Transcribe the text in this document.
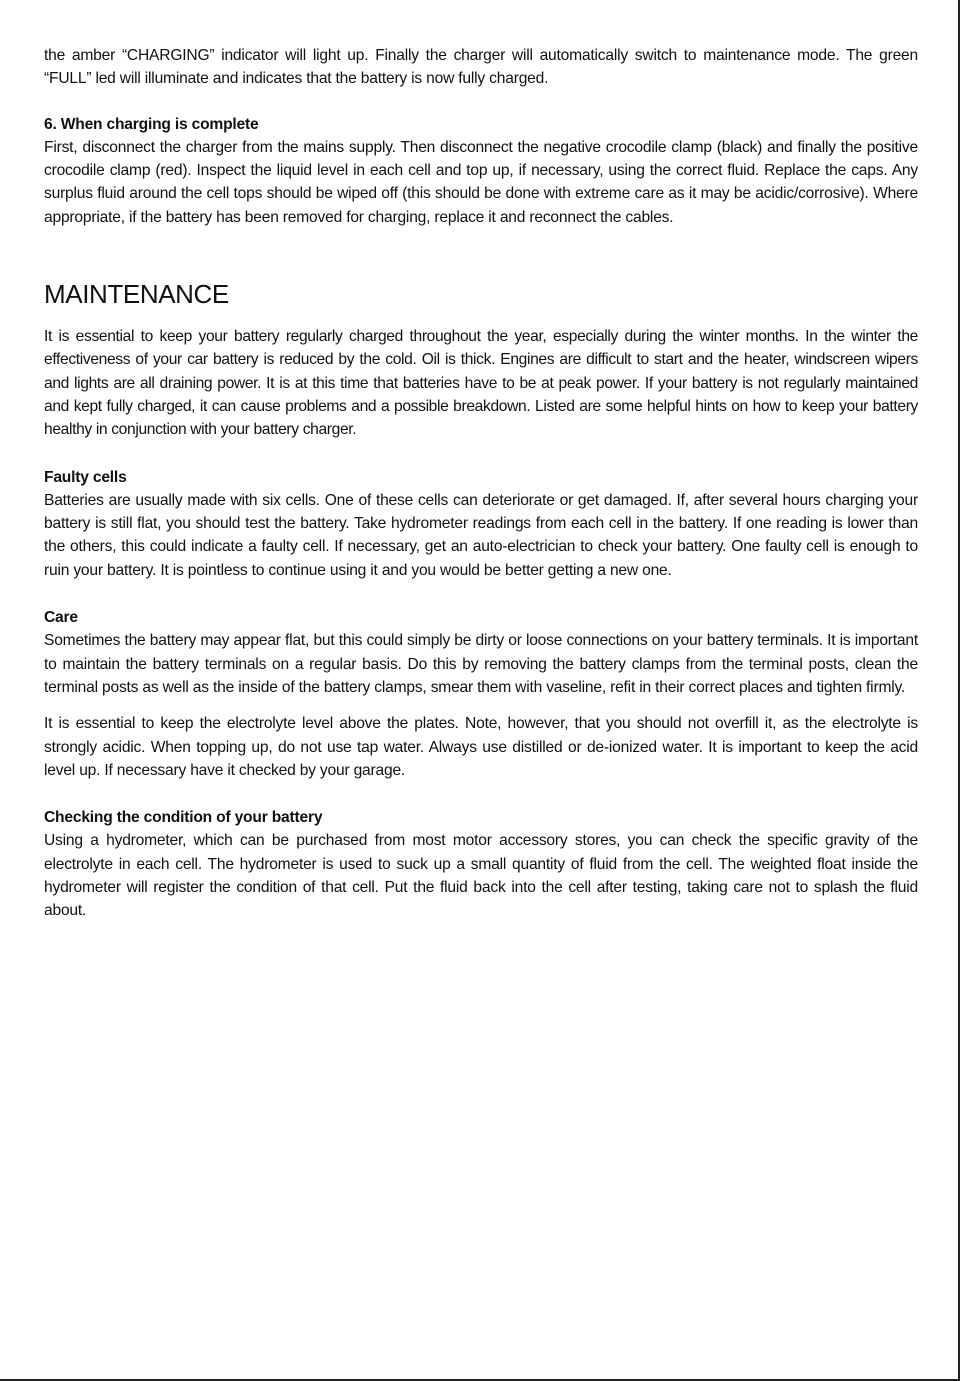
the amber “CHARGING” indicator will light up. Finally the charger will automatically switch to maintenance mode. The green “FULL” led will illuminate and indicates that the battery is now fully charged.

6. When charging is complete

First, disconnect the charger from the mains supply. Then disconnect the negative crocodile clamp (black) and finally the positive crocodile clamp (red). Inspect the liquid level in each cell and top up, if necessary, using the correct fluid. Replace the caps. Any surplus fluid around the cell tops should be wiped off (this should be done with extreme care as it may be acidic/corrosive). Where appropriate, if the battery has been removed for charging, replace it and reconnect the cables.

MAINTENANCE

It is essential to keep your battery regularly charged throughout the year, especially during the winter months. In the winter the effectiveness of your car battery is reduced by the cold. Oil is thick. Engines are difficult to start and the heater, windscreen wipers and lights are all draining power. It is at this time that batteries have to be at peak power. If your battery is not regularly maintained and kept fully charged, it can cause problems and a possible breakdown. Listed are some helpful hints on how to keep your battery healthy in conjunction with your battery charger.

Faulty cells

Batteries are usually made with six cells. One of these cells can deteriorate or get damaged. If, after several hours charging your battery is still flat, you should test the battery. Take hydrometer readings from each cell in the battery. If one reading is lower than the others, this could indicate a faulty cell. If necessary, get an auto-electrician to check your battery. One faulty cell is enough to ruin your battery. It is pointless to continue using it and you would be better getting a new one.

Care

Sometimes the battery may appear flat, but this could simply be dirty or loose connections on your battery terminals. It is important to maintain the battery terminals on a regular basis. Do this by removing the battery clamps from the terminal posts, clean the terminal posts as well as the inside of the battery clamps, smear them with vaseline, refit in their correct places and tighten firmly.

It is essential to keep the electrolyte level above the plates. Note, however, that you should not overfill it, as the electrolyte is strongly acidic. When topping up, do not use tap water. Always use distilled or de-ionized water. It is important to keep the acid level up. If necessary have it checked by your garage.

Checking the condition of your battery

Using a hydrometer, which can be purchased from most motor accessory stores, you can check the specific gravity of the electrolyte in each cell. The hydrometer is used to suck up a small quantity of fluid from the cell. The weighted float inside the hydrometer will register the condition of that cell. Put the fluid back into the cell after testing, taking care not to splash the fluid about.
